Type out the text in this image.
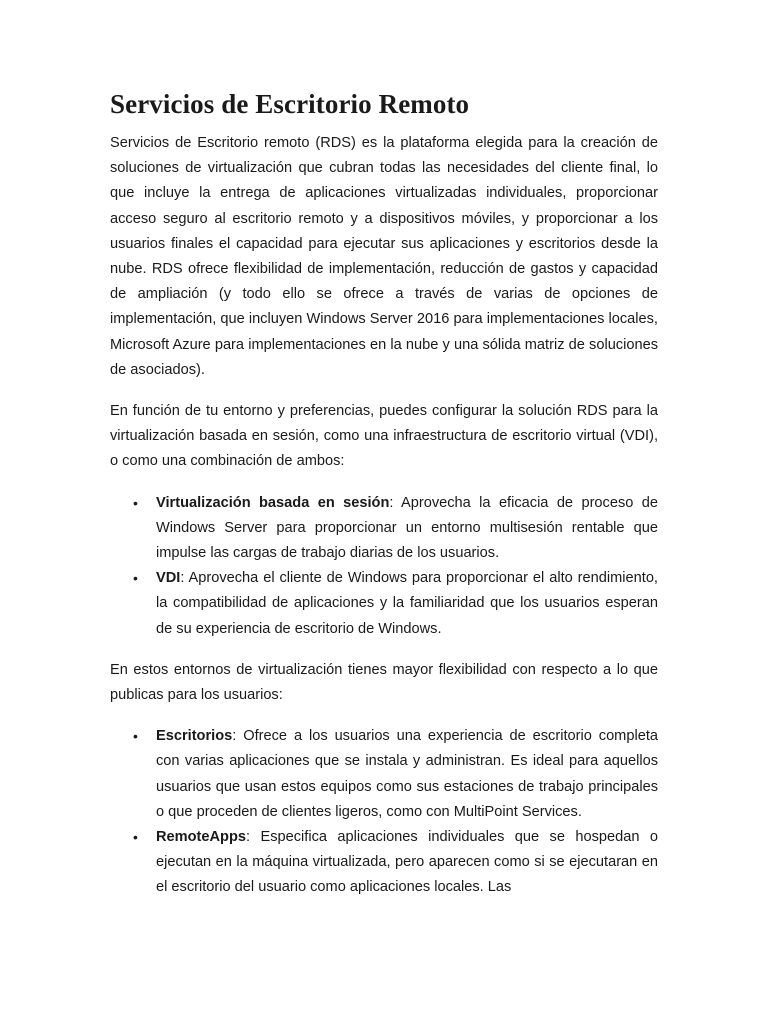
Servicios de Escritorio Remoto

Servicios de Escritorio remoto (RDS) es la plataforma elegida para la creación de soluciones de virtualización que cubran todas las necesidades del cliente final, lo que incluye la entrega de aplicaciones virtualizadas individuales, proporcionar acceso seguro al escritorio remoto y a dispositivos móviles, y proporcionar a los usuarios finales el capacidad para ejecutar sus aplicaciones y escritorios desde la nube. RDS ofrece flexibilidad de implementación, reducción de gastos y capacidad de ampliación (y todo ello se ofrece a través de varias de opciones de implementación, que incluyen Windows Server 2016 para implementaciones locales, Microsoft Azure para implementaciones en la nube y una sólida matriz de soluciones de asociados).

En función de tu entorno y preferencias, puedes configurar la solución RDS para la virtualización basada en sesión, como una infraestructura de escritorio virtual (VDI), o como una combinación de ambos:

• Virtualización basada en sesión: Aprovecha la eficacia de proceso de Windows Server para proporcionar un entorno multisesión rentable que impulse las cargas de trabajo diarias de los usuarios.
• VDI: Aprovecha el cliente de Windows para proporcionar el alto rendimiento, la compatibilidad de aplicaciones y la familiaridad que los usuarios esperan de su experiencia de escritorio de Windows.

En estos entornos de virtualización tienes mayor flexibilidad con respecto a lo que publicas para los usuarios:

• Escritorios: Ofrece a los usuarios una experiencia de escritorio completa con varias aplicaciones que se instala y administran. Es ideal para aquellos usuarios que usan estos equipos como sus estaciones de trabajo principales o que proceden de clientes ligeros, como con MultiPoint Services.
• RemoteApps: Especifica aplicaciones individuales que se hospedan o ejecutan en la máquina virtualizada, pero aparecen como si se ejecutaran en el escritorio del usuario como aplicaciones locales. Las
